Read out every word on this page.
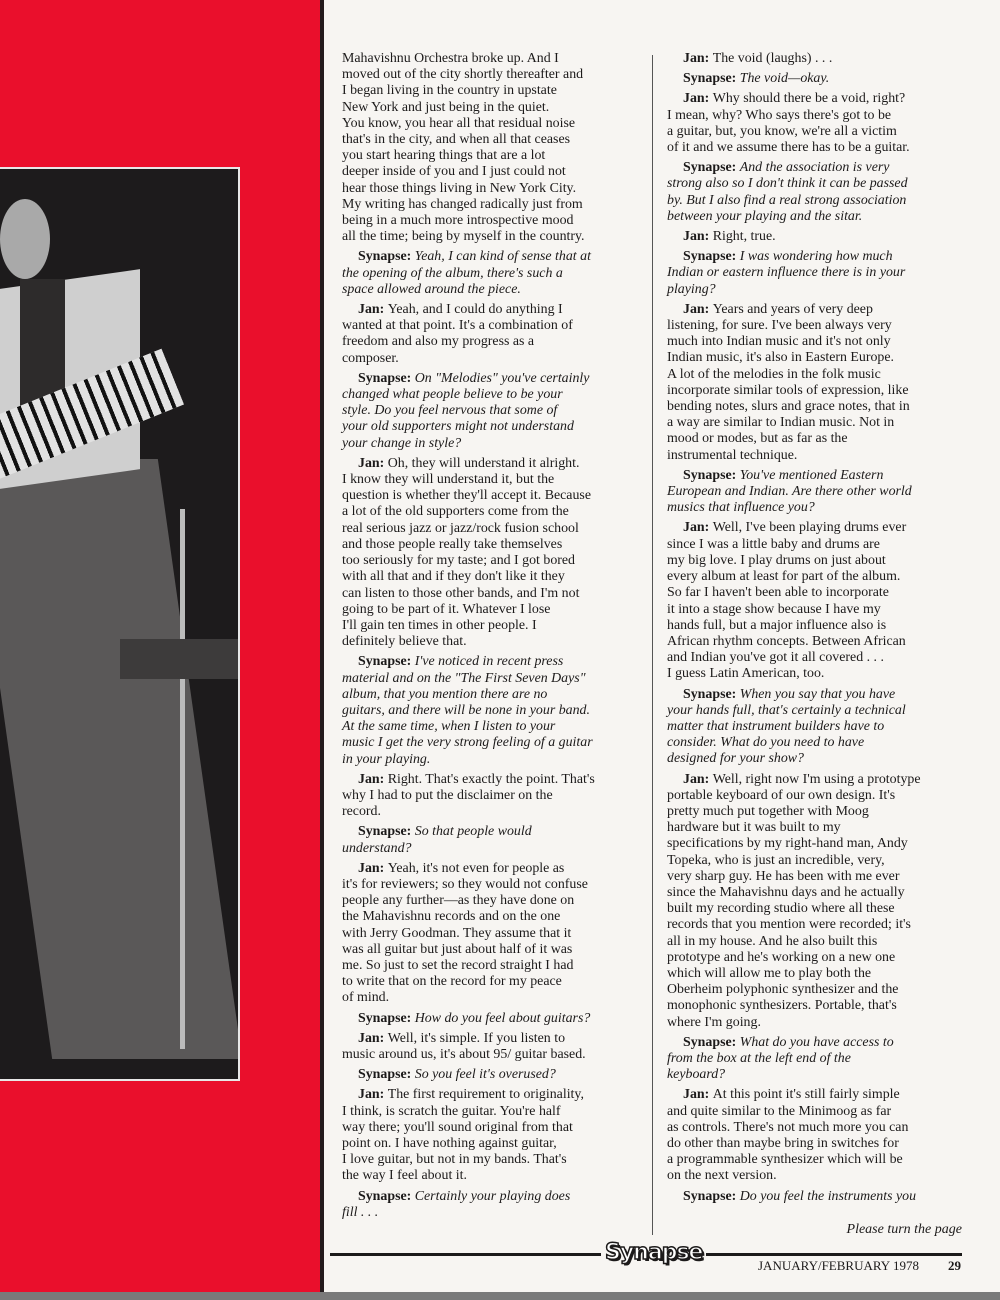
Mahavishnu Orchestra broke up. And I
moved out of the city shortly thereafter and
I began living in the country in upstate
New York and just being in the quiet.
You know, you hear all that residual noise
that's in the city, and when all that ceases
you start hearing things that are a lot
deeper inside of you and I just could not
hear those things living in New York City.
My writing has changed radically just from
being in a much more introspective mood
all the time; being by myself in the country.

Synapse: Yeah, I can kind of sense that at
the opening of the album, there's such a
space allowed around the piece.

Jan: Yeah, and I could do anything I
wanted at that point. It's a combination of
freedom and also my progress as a
composer.

Synapse: On "Melodies" you've certainly
changed what people believe to be your
style. Do you feel nervous that some of
your old supporters might not understand
your change in style?

Jan: Oh, they will understand it alright.
I know they will understand it, but the
question is whether they'll accept it. Because
a lot of the old supporters come from the
real serious jazz or jazz/rock fusion school
and those people really take themselves
too seriously for my taste; and I got bored
with all that and if they don't like it they
can listen to those other bands, and I'm not
going to be part of it. Whatever I lose
I'll gain ten times in other people. I
definitely believe that.

Synapse: I've noticed in recent press
material and on the "The First Seven Days"
album, that you mention there are no
guitars, and there will be none in your band.
At the same time, when I listen to your
music I get the very strong feeling of a guitar
in your playing.

Jan: Right. That's exactly the point. That's
why I had to put the disclaimer on the
record.

Synapse: So that people would
understand?

Jan: Yeah, it's not even for people as
it's for reviewers; so they would not confuse
people any further—as they have done on
the Mahavishnu records and on the one
with Jerry Goodman. They assume that it
was all guitar but just about half of it was
me. So just to set the record straight I had
to write that on the record for my peace
of mind.

Synapse: How do you feel about guitars?

Jan: Well, it's simple. If you listen to
music around us, it's about 95/ guitar based.

Synapse: So you feel it's overused?

Jan: The first requirement to originality,
I think, is scratch the guitar. You're half
way there; you'll sound original from that
point on. I have nothing against guitar,
I love guitar, but not in my bands. That's
the way I feel about it.

Synapse: Certainly your playing does
fill . . .

Jan: The void (laughs) . . .

Synapse: The void—okay.

Jan: Why should there be a void, right?
I mean, why? Who says there's got to be
a guitar, but, you know, we're all a victim
of it and we assume there has to be a guitar.

Synapse: And the association is very
strong also so I don't think it can be passed
by. But I also find a real strong association
between your playing and the sitar.

Jan: Right, true.

Synapse: I was wondering how much
Indian or eastern influence there is in your
playing?

Jan: Years and years of very deep
listening, for sure. I've been always very
much into Indian music and it's not only
Indian music, it's also in Eastern Europe.
A lot of the melodies in the folk music
incorporate similar tools of expression, like
bending notes, slurs and grace notes, that in
a way are similar to Indian music. Not in
mood or modes, but as far as the
instrumental technique.

Synapse: You've mentioned Eastern
European and Indian. Are there other world
musics that influence you?

Jan: Well, I've been playing drums ever
since I was a little baby and drums are
my big love. I play drums on just about
every album at least for part of the album.
So far I haven't been able to incorporate
it into a stage show because I have my
hands full, but a major influence also is
African rhythm concepts. Between African
and Indian you've got it all covered . . .
I guess Latin American, too.

Synapse: When you say that you have
your hands full, that's certainly a technical
matter that instrument builders have to
consider. What do you need to have
designed for your show?

Jan: Well, right now I'm using a prototype
portable keyboard of our own design. It's
pretty much put together with Moog
hardware but it was built to my
specifications by my right-hand man, Andy
Topeka, who is just an incredible, very,
very sharp guy. He has been with me ever
since the Mahavishnu days and he actually
built my recording studio where all these
records that you mention were recorded; it's
all in my house. And he also built this
prototype and he's working on a new one
which will allow me to play both the
Oberheim polyphonic synthesizer and the
monophonic synthesizers. Portable, that's
where I'm going.

Synapse: What do you have access to
from the box at the left end of the
keyboard?

Jan: At this point it's still fairly simple
and quite similar to the Minimoog as far
as controls. There's not much more you can
do other than maybe bring in switches for
a programmable synthesizer which will be
on the next version.

Synapse: Do you feel the instruments you

Please turn the page
Synapse
JANUARY/FEBRUARY 1978 29
